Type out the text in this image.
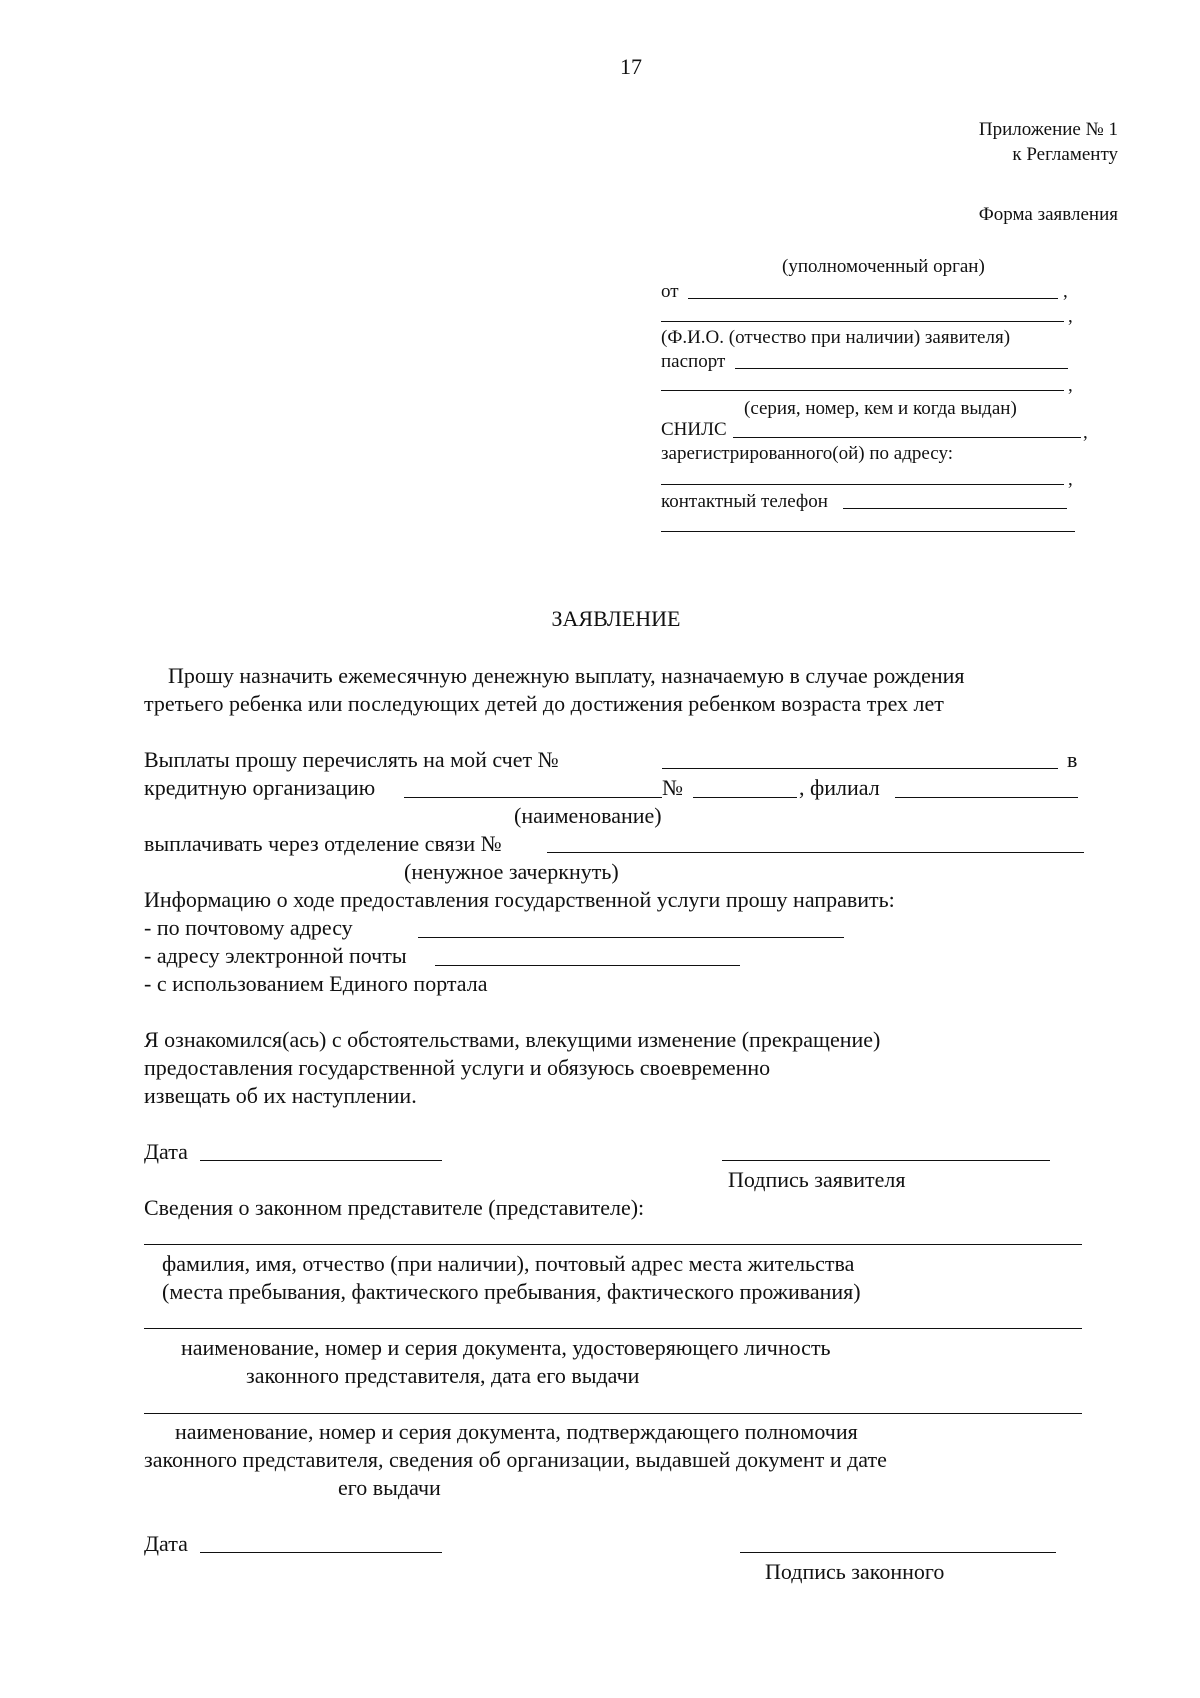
17
Приложение № 1
к Регламенту
Форма заявления
(уполномоченный орган)
от	,
,
(Ф.И.О. (отчество при наличии) заявителя)
паспорт
,
(серия, номер, кем и когда выдан)
СНИЛС	,
зарегистрированного(ой) по адресу:
,
контактный телефон
ЗАЯВЛЕНИЕ
Прошу назначить ежемесячную денежную выплату, назначаемую в случае рождения
третьего ребенка или последующих детей до достижения ребенком возраста трех лет
Выплаты прошу перечислять на мой счет №	в
кредитную организацию	№	, филиал
(наименование)
выплачивать через отделение связи №
(ненужное зачеркнуть)
Информацию о ходе предоставления государственной услуги прошу направить:
- по почтовому адресу
- адресу электронной почты
- с использованием Единого портала
Я ознакомился(ась) с обстоятельствами, влекущими изменение (прекращение)
предоставления государственной услуги и обязуюсь своевременно
извещать об их наступлении.
Дата
Подпись заявителя
Сведения о законном представителе (представителе):
фамилия, имя, отчество (при наличии), почтовый адрес места жительства
(места пребывания, фактического пребывания, фактического проживания)
наименование, номер и серия документа, удостоверяющего личность
законного представителя, дата его выдачи
наименование, номер и серия документа, подтверждающего полномочия
законного представителя, сведения об организации, выдавшей документ и дате
его выдачи
Дата
Подпись законного
